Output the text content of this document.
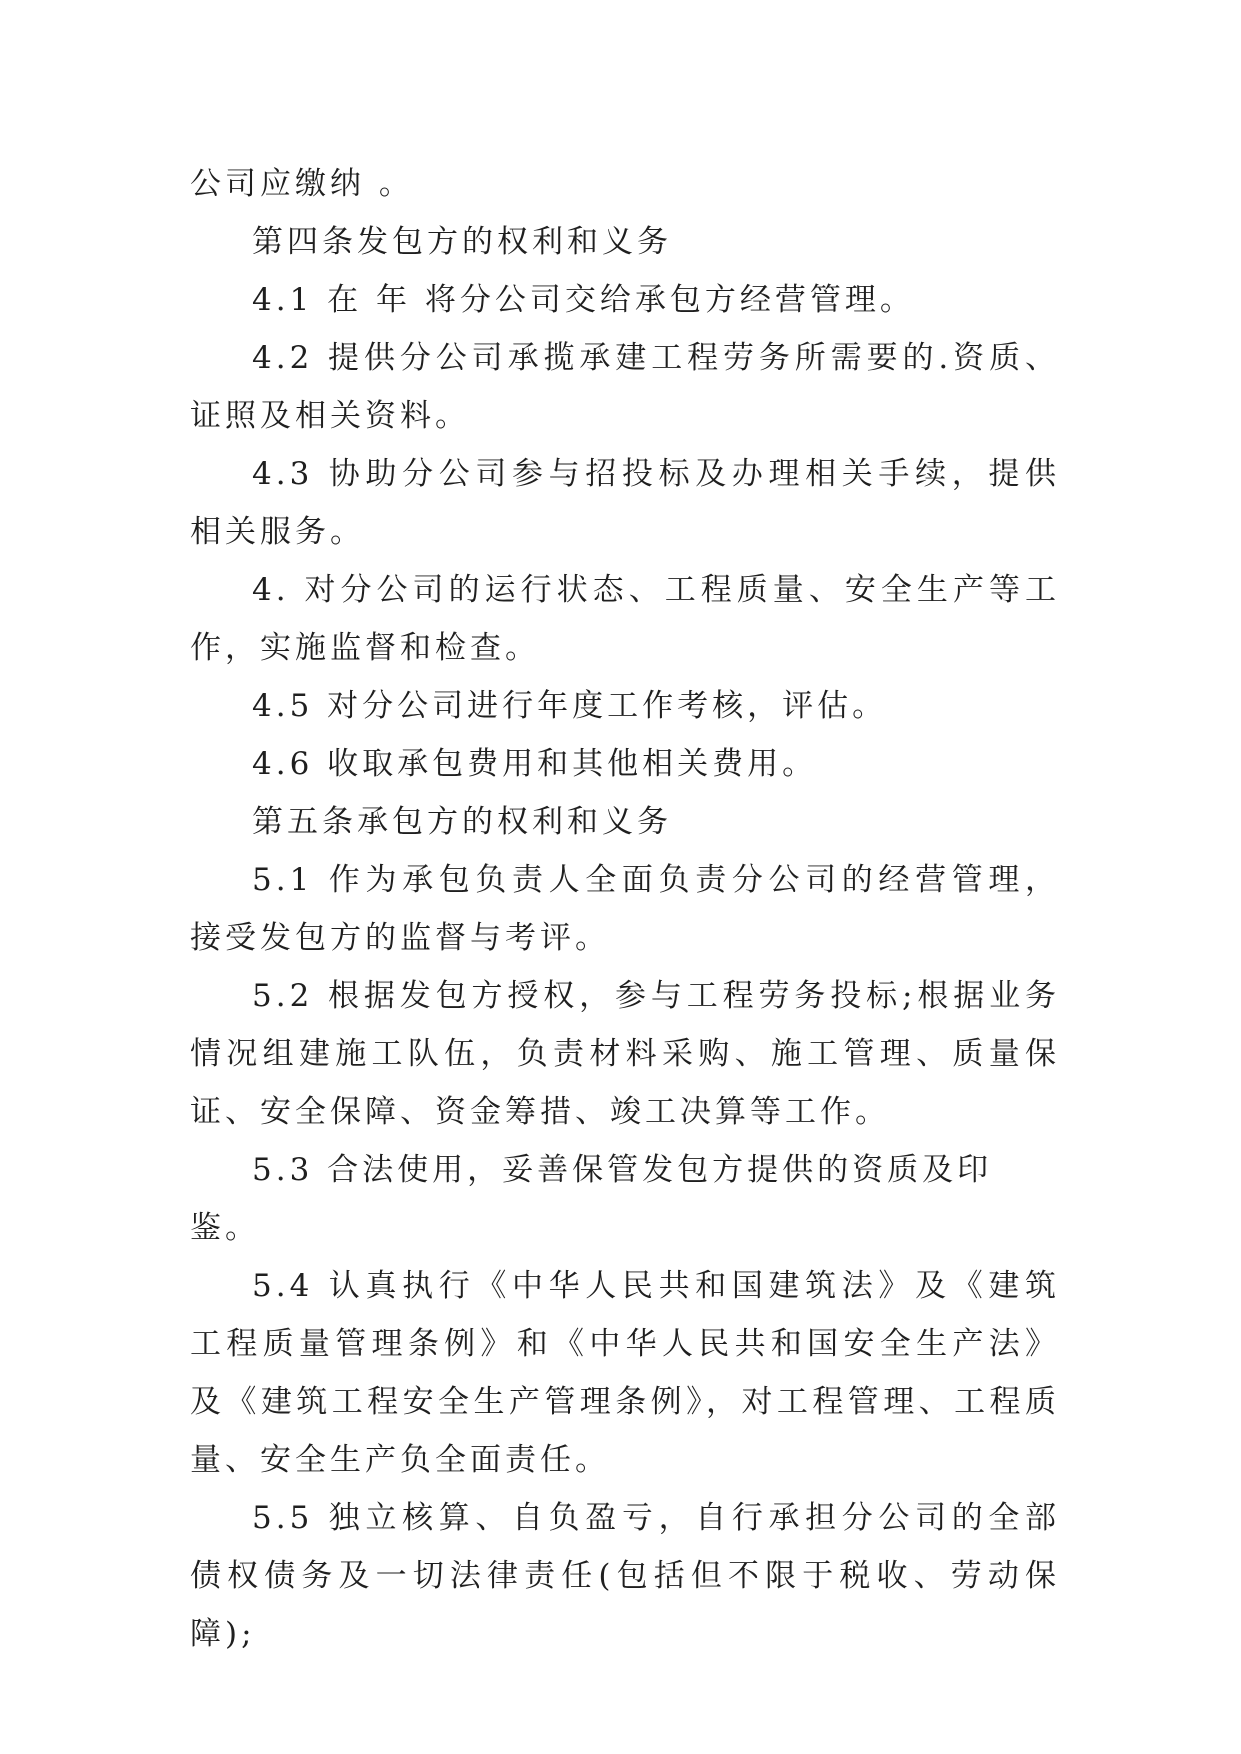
公司应缴纳 。

第四条发包方的权利和义务

4.1 在 年 将分公司交给承包方经营管理。

4.2 提供分公司承揽承建工程劳务所需要的.资质、证照及相关资料。

4.3 协助分公司参与招投标及办理相关手续，提供相关服务。

4. 对分公司的运行状态、工程质量、安全生产等工作，实施监督和检查。

4.5 对分公司进行年度工作考核，评估。

4.6 收取承包费用和其他相关费用。

第五条承包方的权利和义务

5.1 作为承包负责人全面负责分公司的经营管理，接受发包方的监督与考评。

5.2 根据发包方授权，参与工程劳务投标;根据业务情况组建施工队伍，负责材料采购、施工管理、质量保证、安全保障、资金筹措、竣工决算等工作。

5.3 合法使用，妥善保管发包方提供的资质及印鉴。

5.4 认真执行《中华人民共和国建筑法》及《建筑工程质量管理条例》和《中华人民共和国安全生产法》及《建筑工程安全生产管理条例》，对工程管理、工程质量、安全生产负全面责任。

5.5 独立核算、自负盈亏，自行承担分公司的全部债权债务及一切法律责任(包括但不限于税收、劳动保障);
